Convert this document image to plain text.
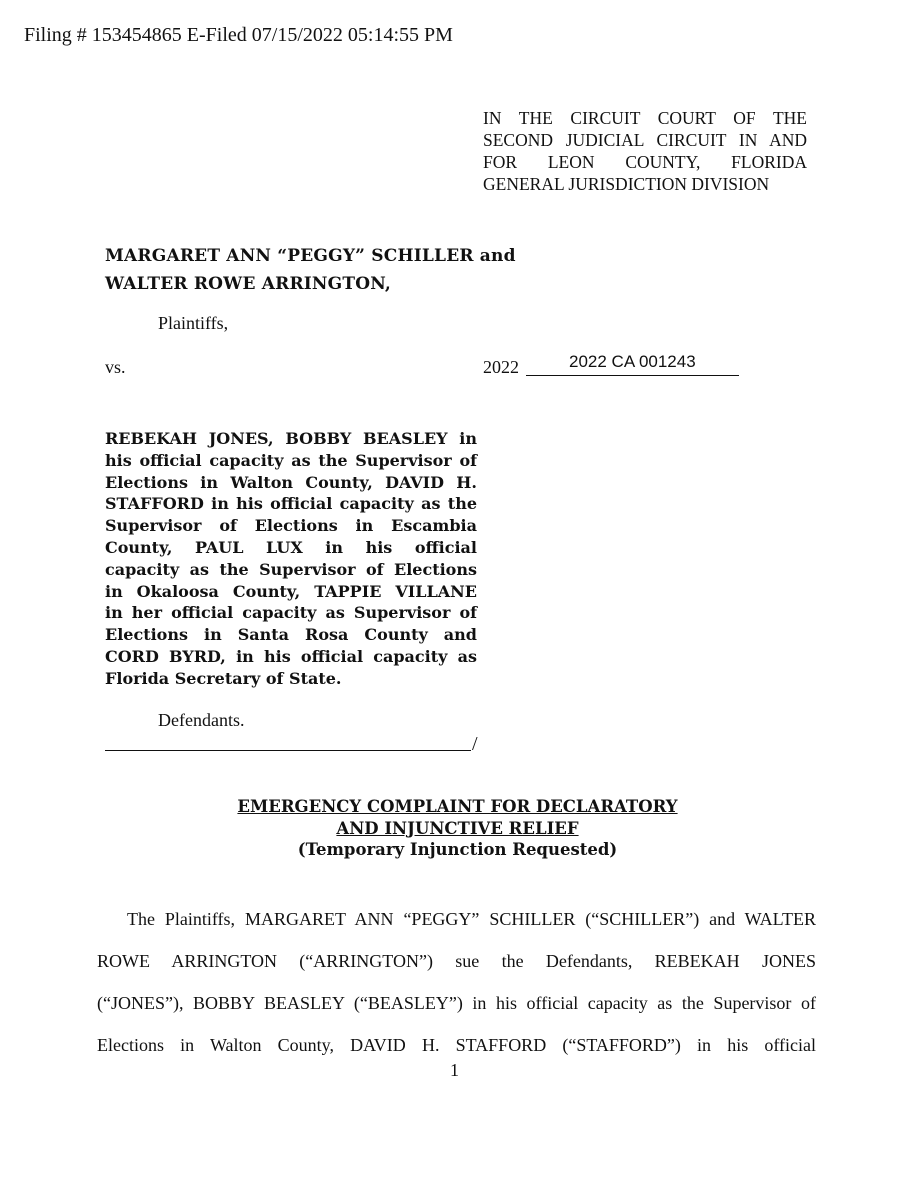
Filing # 153454865 E-Filed 07/15/2022 05:14:55 PM
IN THE CIRCUIT COURT OF THE
SECOND JUDICIAL CIRCUIT IN AND
FOR LEON COUNTY, FLORIDA
GENERAL JURISDICTION DIVISION
MARGARET ANN “PEGGY” SCHILLER and
WALTER ROWE ARRINGTON,
Plaintiffs,
vs.	2022	2022 CA 001243
REBEKAH JONES, BOBBY BEASLEY in
his official capacity as the Supervisor of
Elections in Walton County, DAVID H.
STAFFORD in his official capacity as the
Supervisor of Elections in Escambia
County, PAUL LUX in his official
capacity as the Supervisor of Elections
in Okaloosa County, TAPPIE VILLANE
in her official capacity as Supervisor of
Elections in Santa Rosa County and
CORD BYRD, in his official capacity as
Florida Secretary of State.
Defendants.
/
EMERGENCY COMPLAINT FOR DECLARATORY
AND INJUNCTIVE RELIEF
(Temporary Injunction Requested)
The Plaintiffs, MARGARET ANN “PEGGY” SCHILLER (“SCHILLER”) and WALTER
ROWE ARRINGTON (“ARRINGTON”) sue the Defendants, REBEKAH JONES
(“JONES”), BOBBY BEASLEY (“BEASLEY”) in his official capacity as the Supervisor of
Elections in Walton County, DAVID H. STAFFORD (“STAFFORD”) in his official
1
